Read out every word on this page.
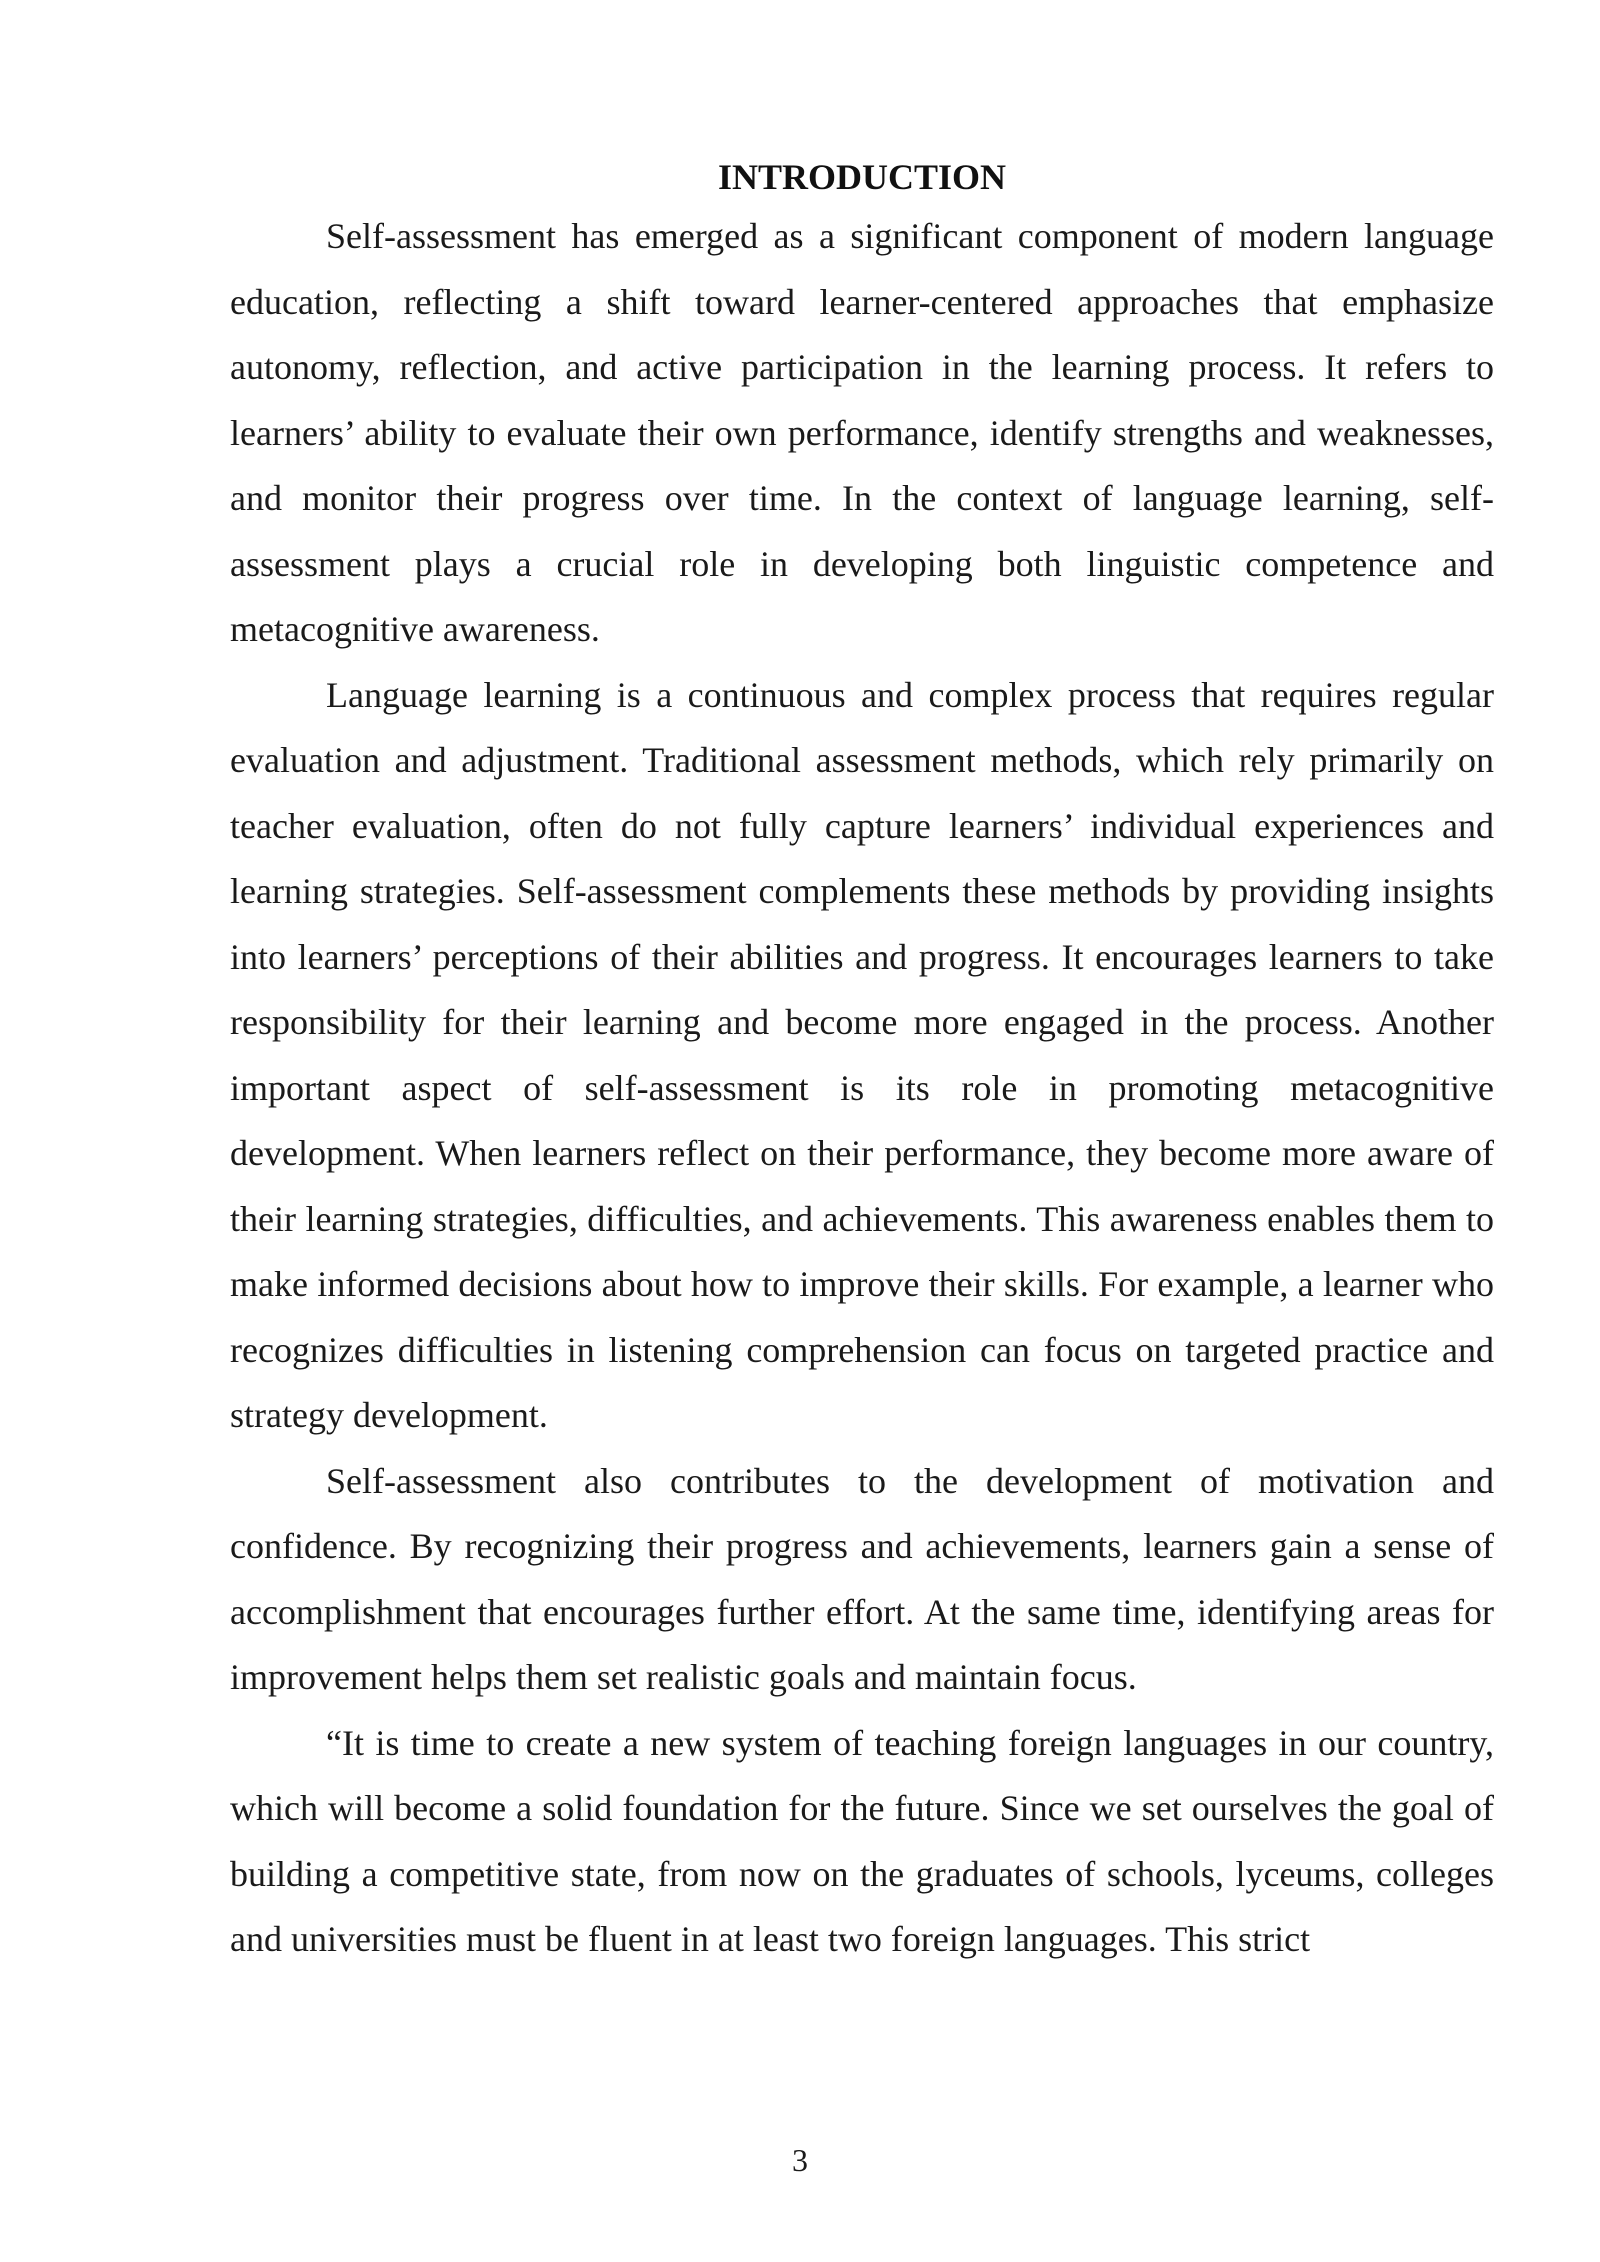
INTRODUCTION

Self-assessment has emerged as a significant component of modern language education, reflecting a shift toward learner-centered approaches that emphasize autonomy, reflection, and active participation in the learning process. It refers to learners’ ability to evaluate their own performance, identify strengths and weaknesses, and monitor their progress over time. In the context of language learning, self-assessment plays a crucial role in developing both linguistic competence and metacognitive awareness.

Language learning is a continuous and complex process that requires regular evaluation and adjustment. Traditional assessment methods, which rely primarily on teacher evaluation, often do not fully capture learners’ individual experiences and learning strategies. Self-assessment complements these methods by providing insights into learners’ perceptions of their abilities and progress. It encourages learners to take responsibility for their learning and become more engaged in the process. Another important aspect of self-assessment is its role in promoting metacognitive development. When learners reflect on their performance, they become more aware of their learning strategies, difficulties, and achievements. This awareness enables them to make informed decisions about how to improve their skills. For example, a learner who recognizes difficulties in listening comprehension can focus on targeted practice and strategy development.

Self-assessment also contributes to the development of motivation and confidence. By recognizing their progress and achievements, learners gain a sense of accomplishment that encourages further effort. At the same time, identifying areas for improvement helps them set realistic goals and maintain focus.

“It is time to create a new system of teaching foreign languages in our country, which will become a solid foundation for the future. Since we set ourselves the goal of building a competitive state, from now on the graduates of schools, lyceums, colleges and universities must be fluent in at least two foreign languages. This strict

3
